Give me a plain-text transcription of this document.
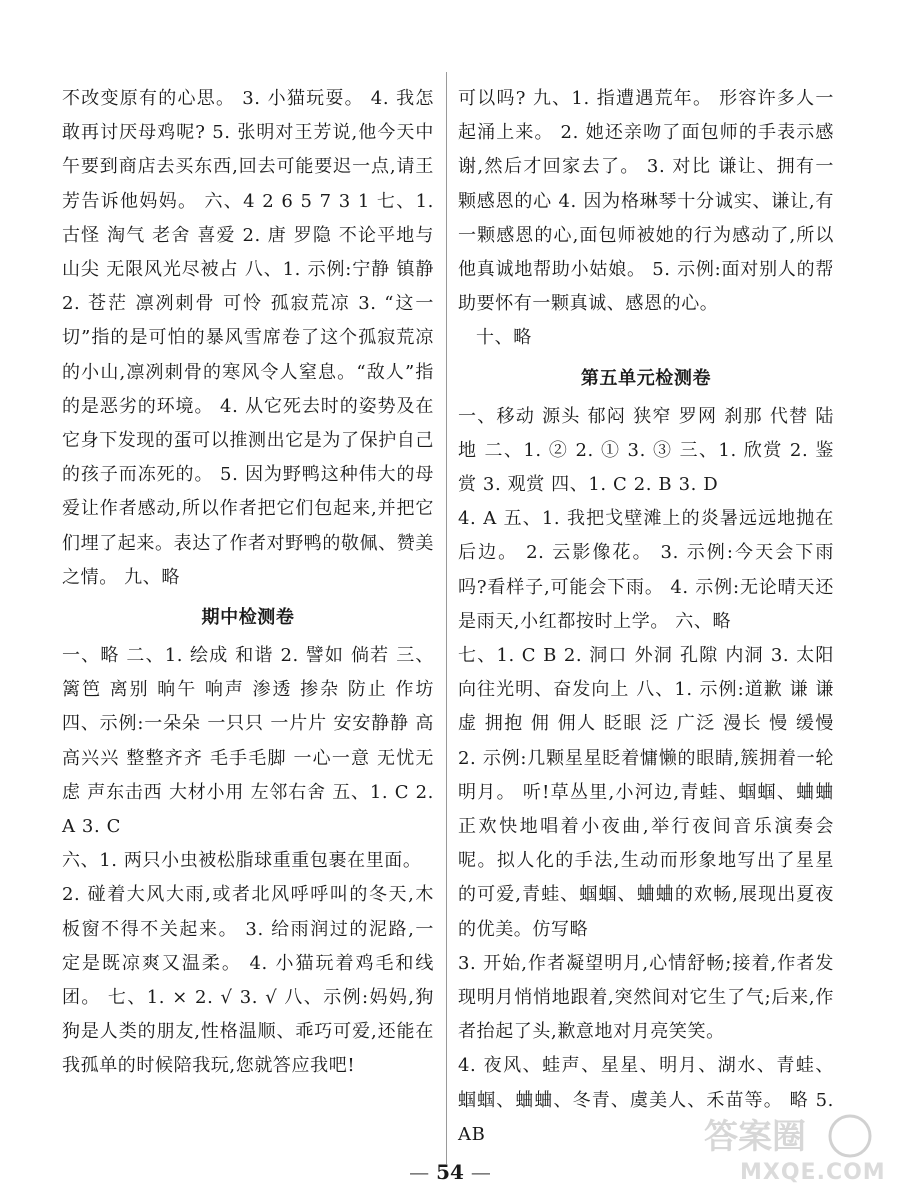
不改变原有的心思。 3. 小猫玩耍。 4. 我怎敢再讨厌母鸡呢? 5. 张明对王芳说,他今天中午要到商店去买东西,回去可能要迟一点,请王芳告诉他妈妈。 六、4 2 6 5 7 3 1 七、1. 古怪 淘气 老舍 喜爱 2. 唐 罗隐 不论平地与山尖 无限风光尽被占 八、1. 示例:宁静 镇静 2. 苍茫 凛冽刺骨 可怜 孤寂荒凉 3. “这一切”指的是可怕的暴风雪席卷了这个孤寂荒凉的小山,凛冽刺骨的寒风令人窒息。“敌人”指的是恶劣的环境。 4. 从它死去时的姿势及在它身下发现的蛋可以推测出它是为了保护自己的孩子而冻死的。 5. 因为野鸭这种伟大的母爱让作者感动,所以作者把它们包起来,并把它们埋了起来。表达了作者对野鸭的敬佩、赞美之情。 九、略

期中检测卷

一、略 二、1. 绘成 和谐 2. 譬如 倘若 三、篱笆 离别 晌午 响声 渗透 掺杂 防止 作坊 四、示例:一朵朵 一只只 一片片 安安静静 高高兴兴 整整齐齐 毛手毛脚 一心一意 无忧无虑 声东击西 大材小用 左邻右舍 五、1. C 2. A 3. C

六、1. 两只小虫被松脂球重重包裹在里面。

2. 碰着大风大雨,或者北风呼呼叫的冬天,木板窗不得不关起来。 3. 给雨润过的泥路,一定是既凉爽又温柔。 4. 小猫玩着鸡毛和线团。 七、1. × 2. √ 3. √ 八、示例:妈妈,狗狗是人类的朋友,性格温顺、乖巧可爱,还能在我孤单的时候陪我玩,您就答应我吧!

可以吗? 九、1. 指遭遇荒年。 形容许多人一起涌上来。 2. 她还亲吻了面包师的手表示感谢,然后才回家去了。 3. 对比 谦让、拥有一颗感恩的心 4. 因为格琳琴十分诚实、谦让,有一颗感恩的心,面包师被她的行为感动了,所以他真诚地帮助小姑娘。 5. 示例:面对别人的帮助要怀有一颗真诚、感恩的心。

十、略

第五单元检测卷

一、移动 源头 郁闷 狭窄 罗网 刹那 代替 陆地 二、1. ② 2. ① 3. ③ 三、1. 欣赏 2. 鉴赏 3. 观赏 四、1. C 2. B 3. D

4. A 五、1. 我把戈壁滩上的炎暑远远地抛在后边。 2. 云影像花。 3. 示例:今天会下雨吗?看样子,可能会下雨。 4. 示例:无论晴天还是雨天,小红都按时上学。 六、略

七、1. C B 2. 洞口 外洞 孔隙 内洞 3. 太阳 向往光明、奋发向上 八、1. 示例:道歉 谦 谦虚 拥抱 佣 佣人 眨眼 泛 广泛 漫长 慢 缓慢 2. 示例:几颗星星眨着慵懒的眼睛,簇拥着一轮明月。 听!草丛里,小河边,青蛙、蝈蝈、蛐蛐正欢快地唱着小夜曲,举行夜间音乐演奏会呢。拟人化的手法,生动而形象地写出了星星的可爱,青蛙、蝈蝈、蛐蛐的欢畅,展现出夏夜的优美。仿写略

3. 开始,作者凝望明月,心情舒畅;接着,作者发现明月悄悄地跟着,突然间对它生了气;后来,作者抬起了头,歉意地对月亮笑笑。

4. 夜风、蛙声、星星、明月、湖水、青蛙、蝈蝈、蛐蛐、冬青、虞美人、禾苗等。 略 5. AB

— 54 —
答案圈
MXQE.COM
